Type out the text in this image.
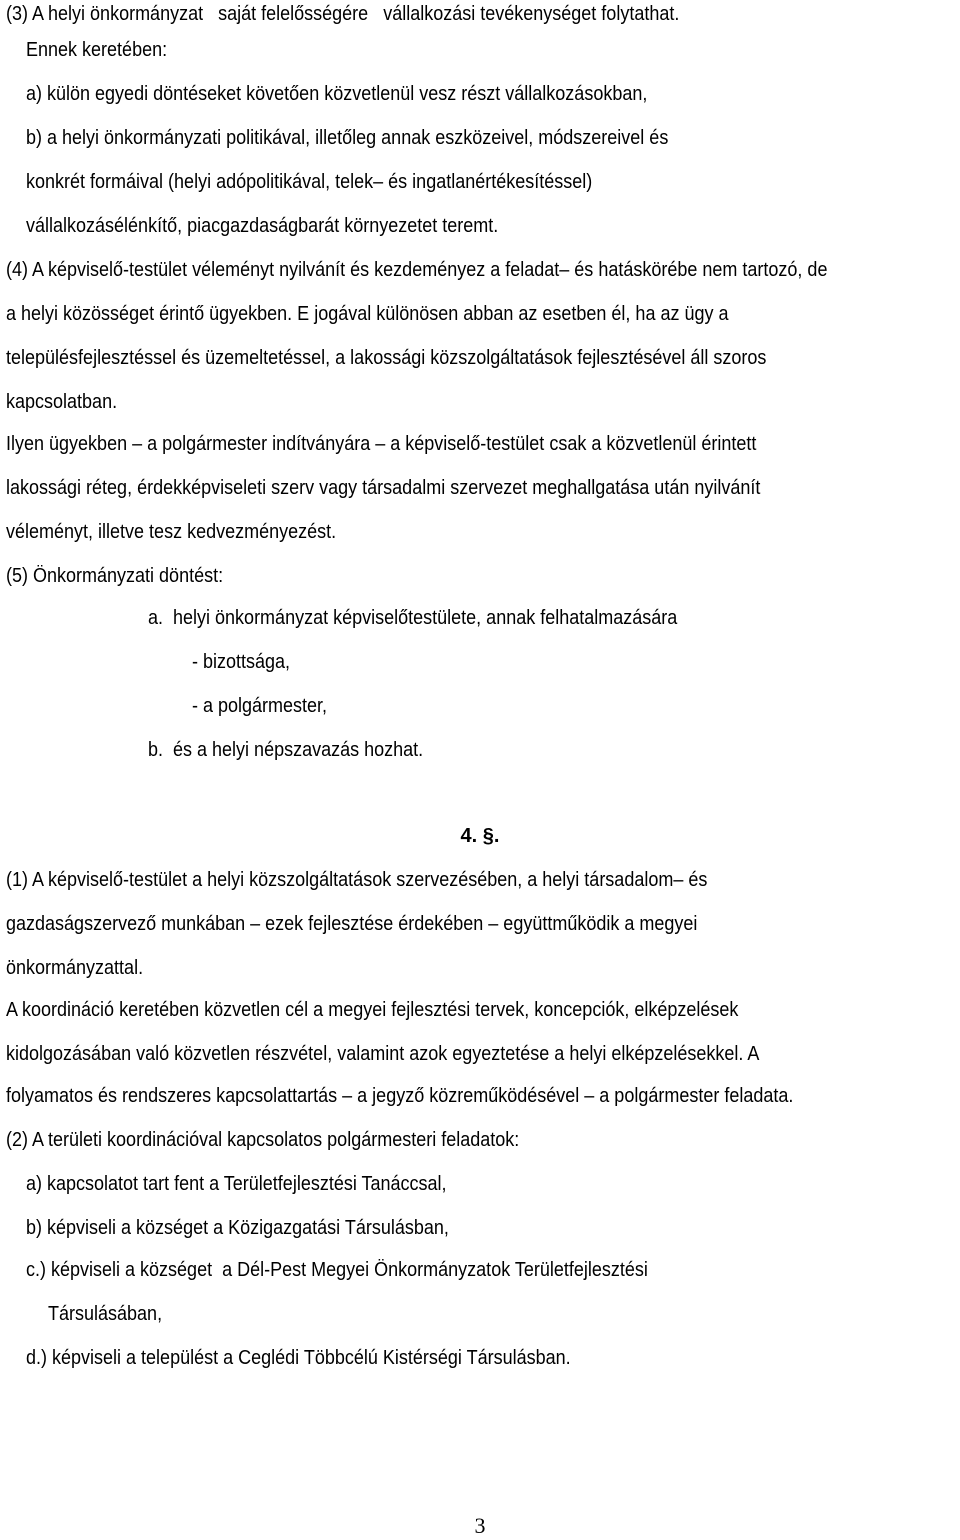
(3) A helyi önkormányzat   saját felelősségére   vállalkozási tevékenységet folytathat.
Ennek keretében:
a) külön egyedi döntéseket követően közvetlenül vesz részt vállalkozásokban,
b) a helyi önkormányzati politikával, illetőleg annak eszközeivel, módszereivel és
konkrét formáival (helyi adópolitikával, telek– és ingatlanértékesítéssel)
vállalkozásélénkítő, piacgazdaságbarát környezetet teremt.
(4) A képviselő-testület véleményt nyilvánít és kezdeményez a feladat– és hatáskörébe nem tartozó, de
a helyi közösséget érintő ügyekben. E jogával különösen abban az esetben él, ha az ügy a
településfejlesztéssel és üzemeltetéssel, a lakossági közszolgáltatások fejlesztésével áll szoros
kapcsolatban.
Ilyen ügyekben – a polgármester indítványára – a képviselő-testület csak a közvetlenül érintett
lakossági réteg, érdekképviseleti szerv vagy társadalmi szervezet meghallgatása után nyilvánít
véleményt, illetve tesz kedvezményezést.
(5) Önkormányzati döntést:
a.  helyi önkormányzat képviselőtestülete, annak felhatalmazására
- bizottsága,
- a polgármester,
b.  és a helyi népszavazás hozhat.
4. §.
(1) A képviselő-testület a helyi közszolgáltatások szervezésében, a helyi társadalom– és
gazdaságszervező munkában – ezek fejlesztése érdekében – együttműködik a megyei
önkormányzattal.
A koordináció keretében közvetlen cél a megyei fejlesztési tervek, koncepciók, elképzelések
kidolgozásában való közvetlen részvétel, valamint azok egyeztetése a helyi elképzelésekkel. A
folyamatos és rendszeres kapcsolattartás – a jegyző közreműködésével – a polgármester feladata.
(2) A területi koordinációval kapcsolatos polgármesteri feladatok:
a) kapcsolatot tart fent a Területfejlesztési Tanáccsal,
b) képviseli a községet a Közigazgatási Társulásban,
c.) képviseli a községet  a Dél-Pest Megyei Önkormányzatok Területfejlesztési
Társulásában,
d.) képviseli a települést a Ceglédi Többcélú Kistérségi Társulásban.
3
